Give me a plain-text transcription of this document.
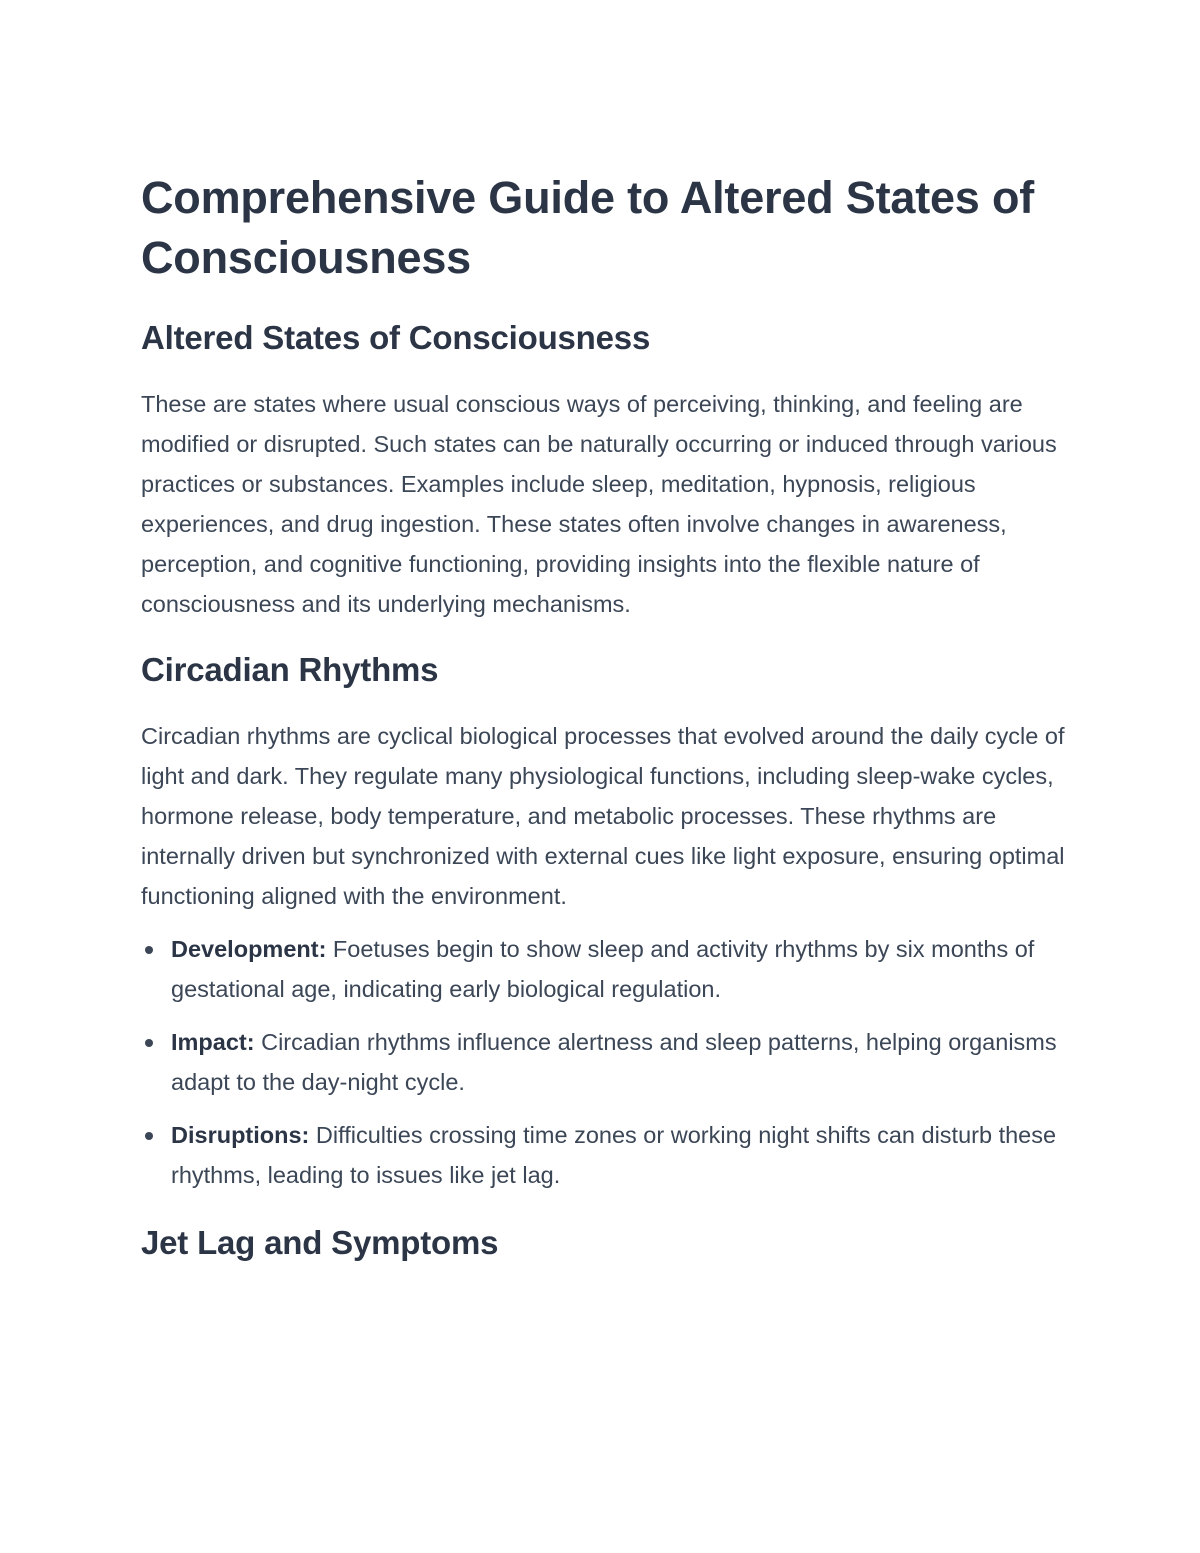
Comprehensive Guide to Altered States of Consciousness
Altered States of Consciousness

These are states where usual conscious ways of perceiving, thinking, and feeling are modified or disrupted. Such states can be naturally occurring or induced through various practices or substances. Examples include sleep, meditation, hypnosis, religious experiences, and drug ingestion. These states often involve changes in awareness, perception, and cognitive functioning, providing insights into the flexible nature of consciousness and its underlying mechanisms.

Circadian Rhythms

Circadian rhythms are cyclical biological processes that evolved around the daily cycle of light and dark. They regulate many physiological functions, including sleep-wake cycles, hormone release, body temperature, and metabolic processes. These rhythms are internally driven but synchronized with external cues like light exposure, ensuring optimal functioning aligned with the environment.

Development: Foetuses begin to show sleep and activity rhythms by six months of gestational age, indicating early biological regulation.
Impact: Circadian rhythms influence alertness and sleep patterns, helping organisms adapt to the day-night cycle.
Disruptions: Difficulties crossing time zones or working night shifts can disturb these rhythms, leading to issues like jet lag.
Jet Lag and Symptoms
